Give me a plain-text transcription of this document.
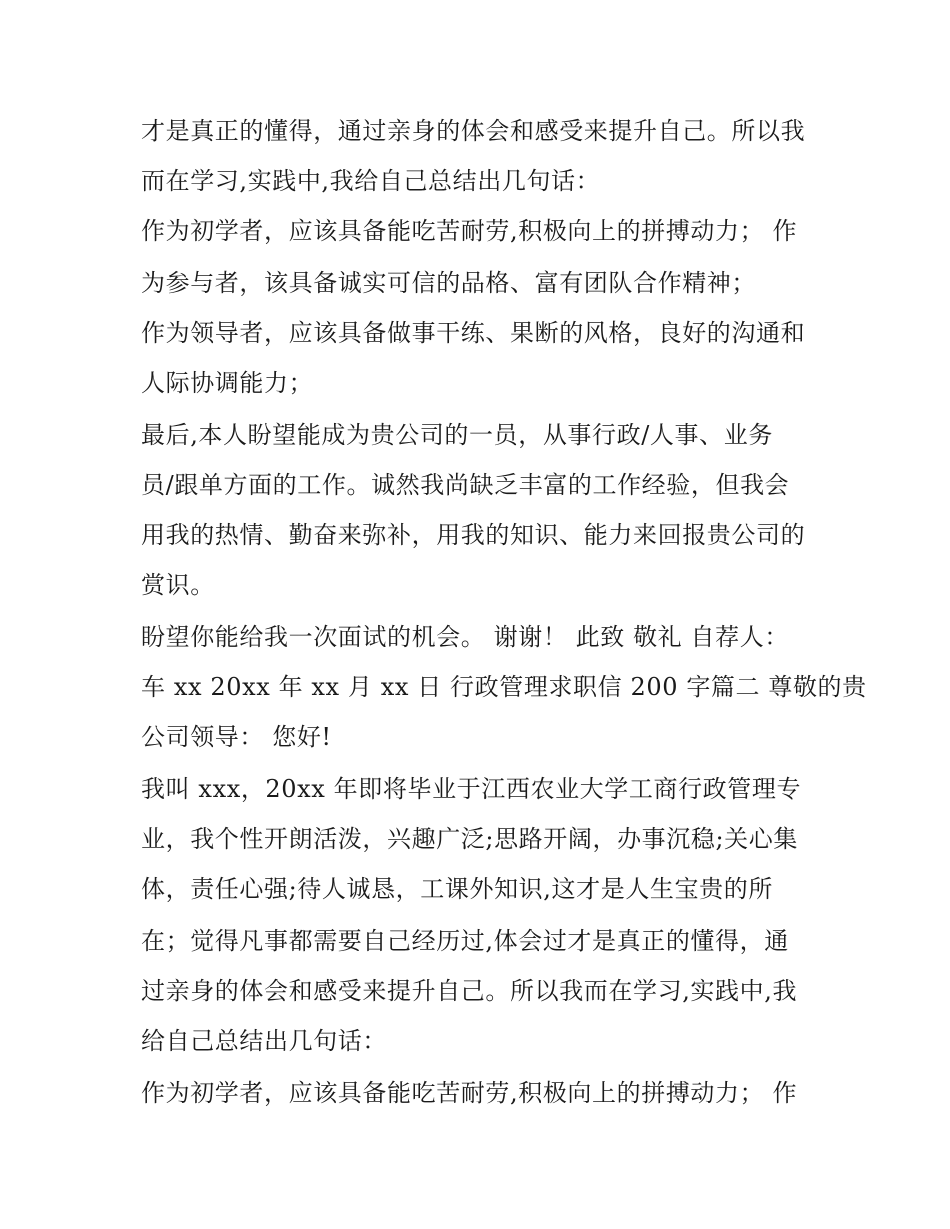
才是真正的懂得，通过亲身的体会和感受来提升自己。所以我
而在学习,实践中,我给自己总结出几句话：
作为初学者，应该具备能吃苦耐劳,积极向上的拼搏动力； 作
为参与者，该具备诚实可信的品格、富有团队合作精神；
作为领导者，应该具备做事干练、果断的风格，良好的沟通和
人际协调能力；
最后,本人盼望能成为贵公司的一员，从事行政/人事、业务
员/跟单方面的工作。诚然我尚缺乏丰富的工作经验，但我会
用我的热情、勤奋来弥补，用我的知识、能力来回报贵公司的
赏识。
盼望你能给我一次面试的机会。 谢谢！ 此致 敬礼 自荐人：
车 xx 20xx 年 xx 月 xx 日 行政管理求职信 200 字篇二 尊敬的贵
公司领导： 您好!
我叫 xxx，20xx 年即将毕业于江西农业大学工商行政管理专
业，我个性开朗活泼，兴趣广泛;思路开阔，办事沉稳;关心集
体，责任心强;待人诚恳，工课外知识,这才是人生宝贵的所
在；觉得凡事都需要自己经历过,体会过才是真正的懂得，通
过亲身的体会和感受来提升自己。所以我而在学习,实践中,我
给自己总结出几句话：
作为初学者，应该具备能吃苦耐劳,积极向上的拼搏动力； 作
